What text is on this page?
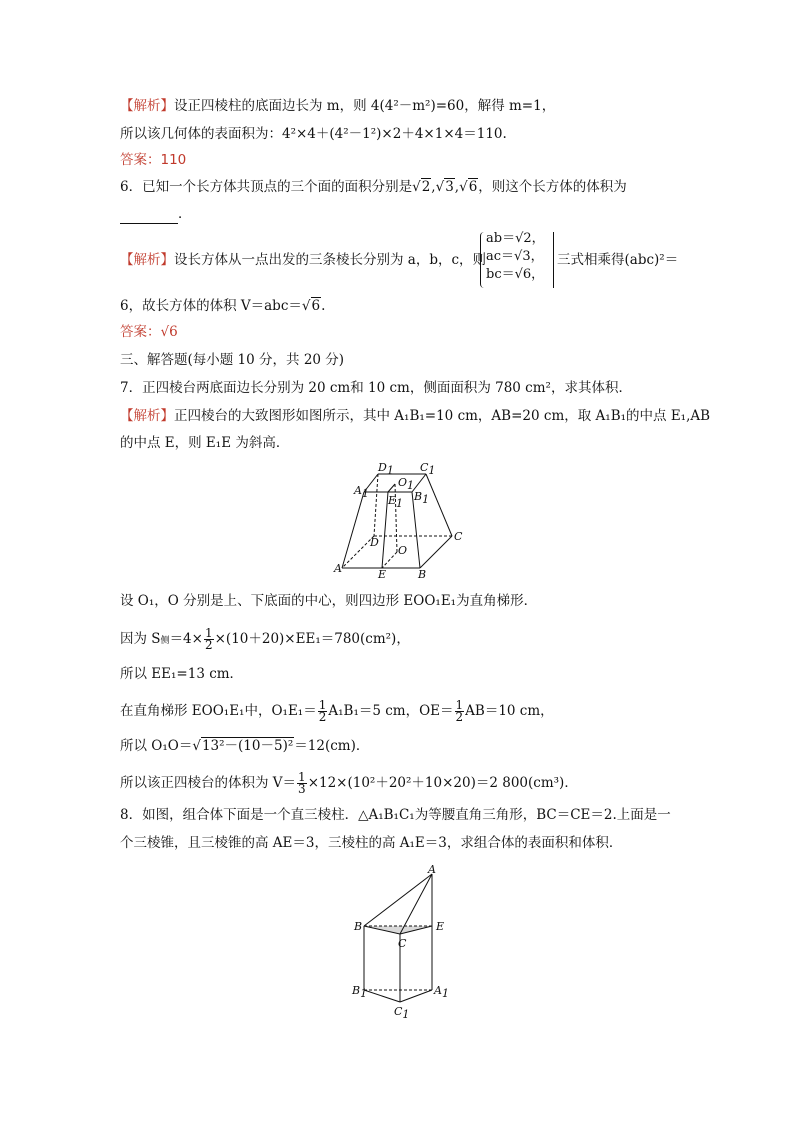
【解析】设正四棱柱的底面边长为 m，则 4(4²－m²)=60，解得 m=1，
所以该几何体的表面积为：4²×4＋(4²－1²)×2＋4×1×4＝110.
答案：110
6．已知一个长方体共顶点的三个面的面积分别是√2,√3,√6，则这个长方体的体积为
．
【解析】设长方体从一点出发的三条棱长分别为 a，b，c，则
ab＝√2，
ac＝√3，
bc＝√6，
三式相乘得(abc)²＝
6，故长方体的体积 V＝abc＝√6.
答案：√6
三、解答题(每小题 10 分，共 20 分)
7．正四棱台两底面边长分别为 20 cm和 10 cm，侧面面积为 780 cm²，求其体积．
【解析】正四棱台的大致图形如图所示，其中 A₁B₁=10 cm，AB=20 cm，取 A₁B₁的中点 E₁,AB
的中点 E，则 E₁E 为斜高．
D1 C1
A1
O1
E1
B1
D
O
C
A	E	B
设 O₁，O 分别是上、下底面的中心，则四边形 EOO₁E₁为直角梯形．
因为 S侧$=4\times \frac{1}{2} \times(10+20)\times EE_1=780(cm^2)$，
所以 EE₁=13 cm．
在直角梯形 EOO₁E₁中，$O_1E_1= \frac{1}{2} A_1B_1=5$ cm，$OE= \frac{1}{2} AB=10$ cm，
所以 O₁O＝√13²－(10－5)²＝12(cm)．
所以该正四棱台的体积为 $V= \frac{1}{3} \times 12\times(10^2+20^2+10\times 20)=2$ 800(cm³)．
8．如图，组合体下面是一个直三棱柱．△A₁B₁C₁为等腰直角三角形，BC＝CE＝2.上面是一
个三棱锥，且三棱锥的高 AE＝3，三棱柱的高 A₁E＝3，求组合体的表面积和体积．
A
B
C
E
B1	A1
C1
